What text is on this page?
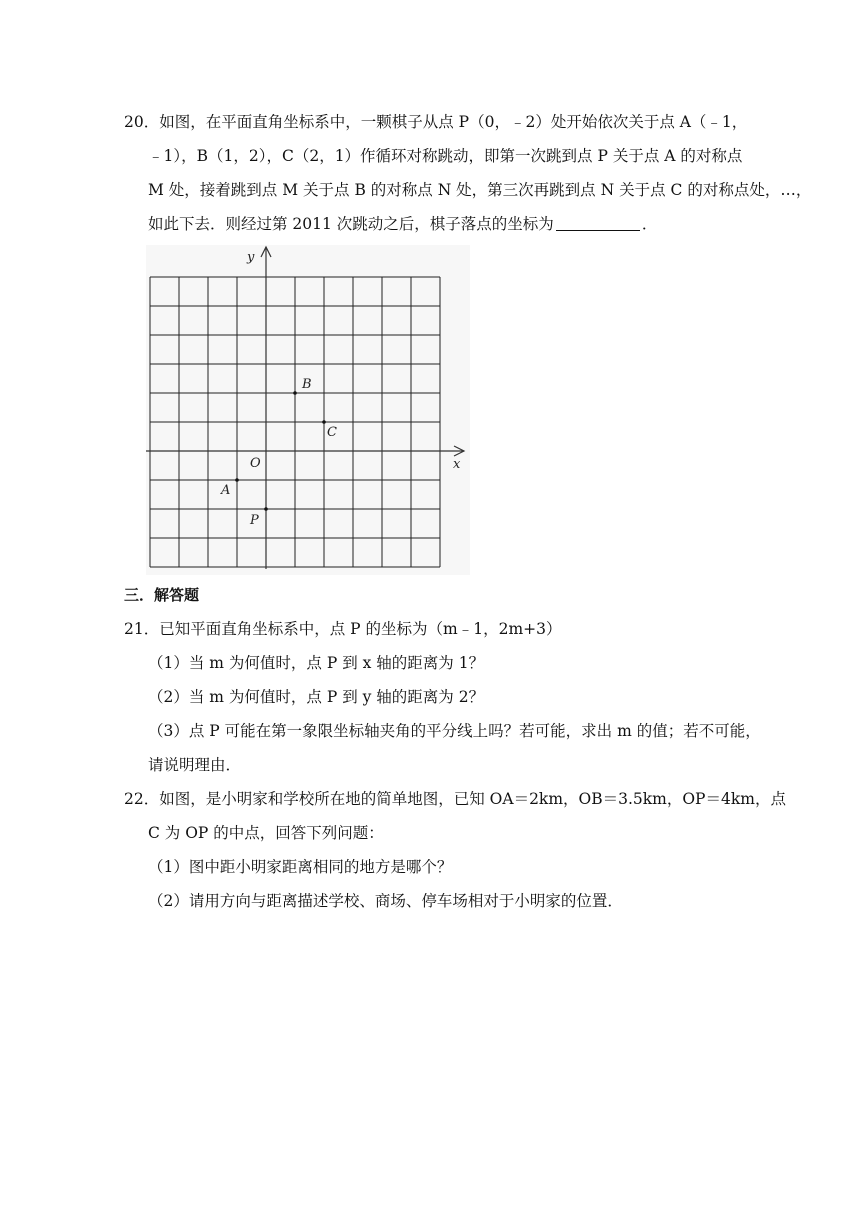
20．如图，在平面直角坐标系中，一颗棋子从点 P（0，﹣2）处开始依次关于点 A（﹣1，
﹣1），B（1，2），C（2，1）作循环对称跳动，即第一次跳到点 P 关于点 A 的对称点
M 处，接着跳到点 M 关于点 B 的对称点 N 处，第三次再跳到点 N 关于点 C 的对称点处，…，
如此下去．则经过第 2011 次跳动之后，棋子落点的坐标为	．
x
y
O
B
C
A
P
三．解答题
21．已知平面直角坐标系中，点 P 的坐标为（m﹣1，2m+3）
（1）当 m 为何值时，点 P 到 x 轴的距离为 1？
（2）当 m 为何值时，点 P 到 y 轴的距离为 2？
（3）点 P 可能在第一象限坐标轴夹角的平分线上吗？若可能，求出 m 的值；若不可能，
请说明理由．
22．如图，是小明家和学校所在地的简单地图，已知 OA＝2km，OB＝3.5km，OP＝4km，点
C 为 OP 的中点，回答下列问题：
（1）图中距小明家距离相同的地方是哪个？
（2）请用方向与距离描述学校、商场、停车场相对于小明家的位置．
